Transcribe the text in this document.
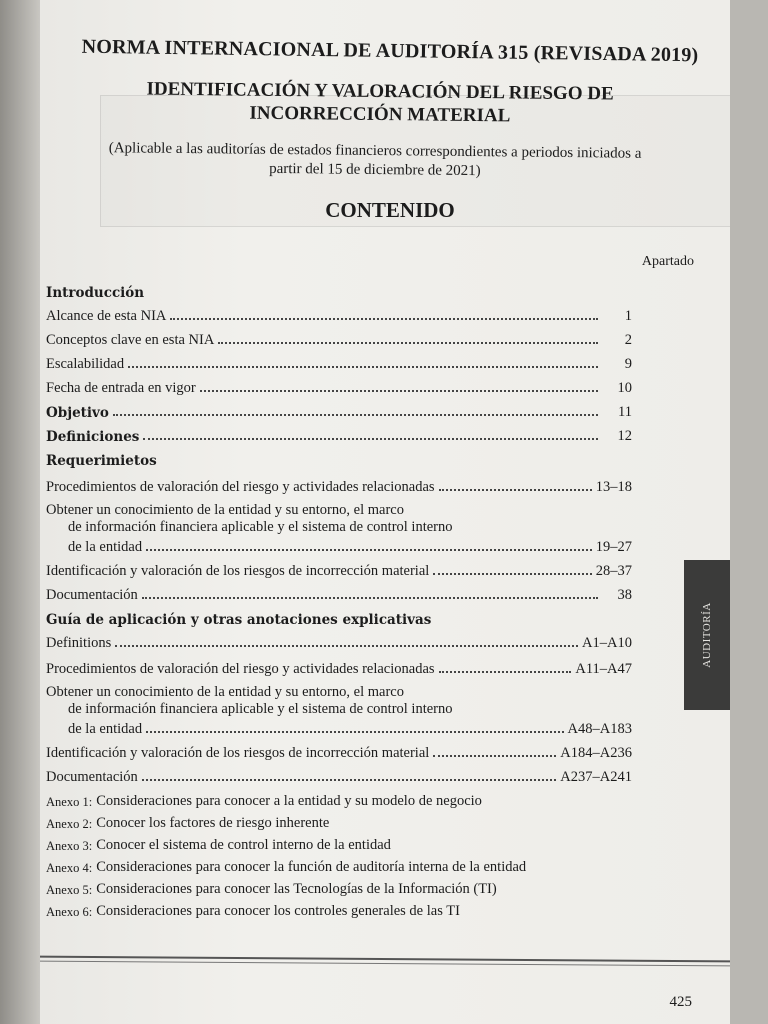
NORMA INTERNACIONAL DE AUDITORÍA 315 (REVISADA 2019)
IDENTIFICACIÓN Y VALORACIÓN DEL RIESGO DE
INCORRECCIÓN MATERIAL
(Aplicable a las auditorías de estados financieros correspondientes a periodos iniciados a
partir del 15 de diciembre de 2021)
CONTENIDO
Apartado
Introducción
Alcance de esta NIA	1
Conceptos clave en esta NIA	2
Escalabilidad	9
Fecha de entrada en vigor	10
Objetivo	11
Definiciones	12
Requerimietos
Procedimientos de valoración del riesgo y actividades relacionadas	13–18
Obtener un conocimiento de la entidad y su entorno, el marco
de información financiera aplicable y el sistema de control interno
de la entidad	19–27
Identificación y valoración de los riesgos de incorrección material	28–37
Documentación	38
Guía de aplicación y otras anotaciones explicativas
Definitions	A1–A10
Procedimientos de valoración del riesgo y actividades relacionadas	A11–A47
Obtener un conocimiento de la entidad y su entorno, el marco
de información financiera aplicable y el sistema de control interno
de la entidad	A48–A183
Identificación y valoración de los riesgos de incorrección material	A184–A236
Documentación	A237–A241
Anexo 1: Consideraciones para conocer a la entidad y su modelo de negocio
Anexo 2: Conocer los factores de riesgo inherente
Anexo 3: Conocer el sistema de control interno de la entidad
Anexo 4: Consideraciones para conocer la función de auditoría interna de la entidad
Anexo 5: Consideraciones para conocer las Tecnologías de la Información (TI)
Anexo 6: Consideraciones para conocer los controles generales de las TI
425
AUDITORÍA
